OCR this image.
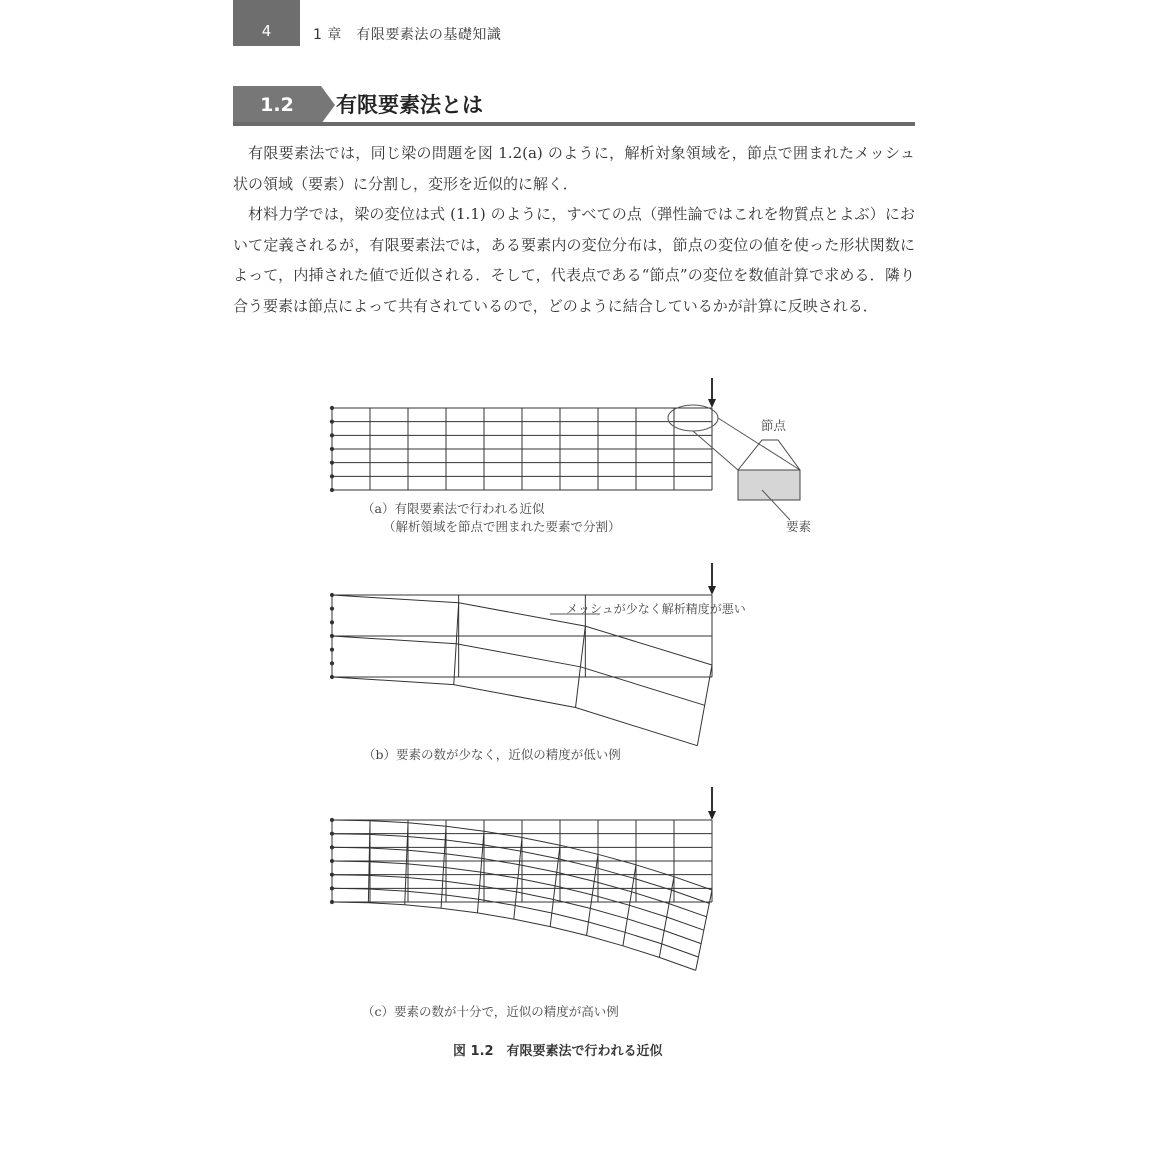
4	1 章　有限要素法の基礎知識
1.2	有限要素法とは

有限要素法では，同じ梁の問題を図 1.2(a) のように，解析対象領域を，節点で囲まれたメッシュ状の領域（要素）に分割し，変形を近似的に解く．

材料力学では，梁の変位は式 (1.1) のように，すべての点（弾性論ではこれを物質点とよぶ）において定義されるが，有限要素法では，ある要素内の変位分布は，節点の変位の値を使った形状関数によって，内挿された値で近似される．そして，代表点である“節点”の変位を数値計算で求める．隣り合う要素は節点によって共有されているので，どのように結合しているかが計算に反映される．

節点
要素
（a）有限要素法で行われる近似
（解析領域を節点で囲まれた要素で分割）
メッシュが少なく解析精度が悪い
（b）要素の数が少なく，近似の精度が低い例
（c）要素の数が十分で，近似の精度が高い例
図 1.2　有限要素法で行われる近似
